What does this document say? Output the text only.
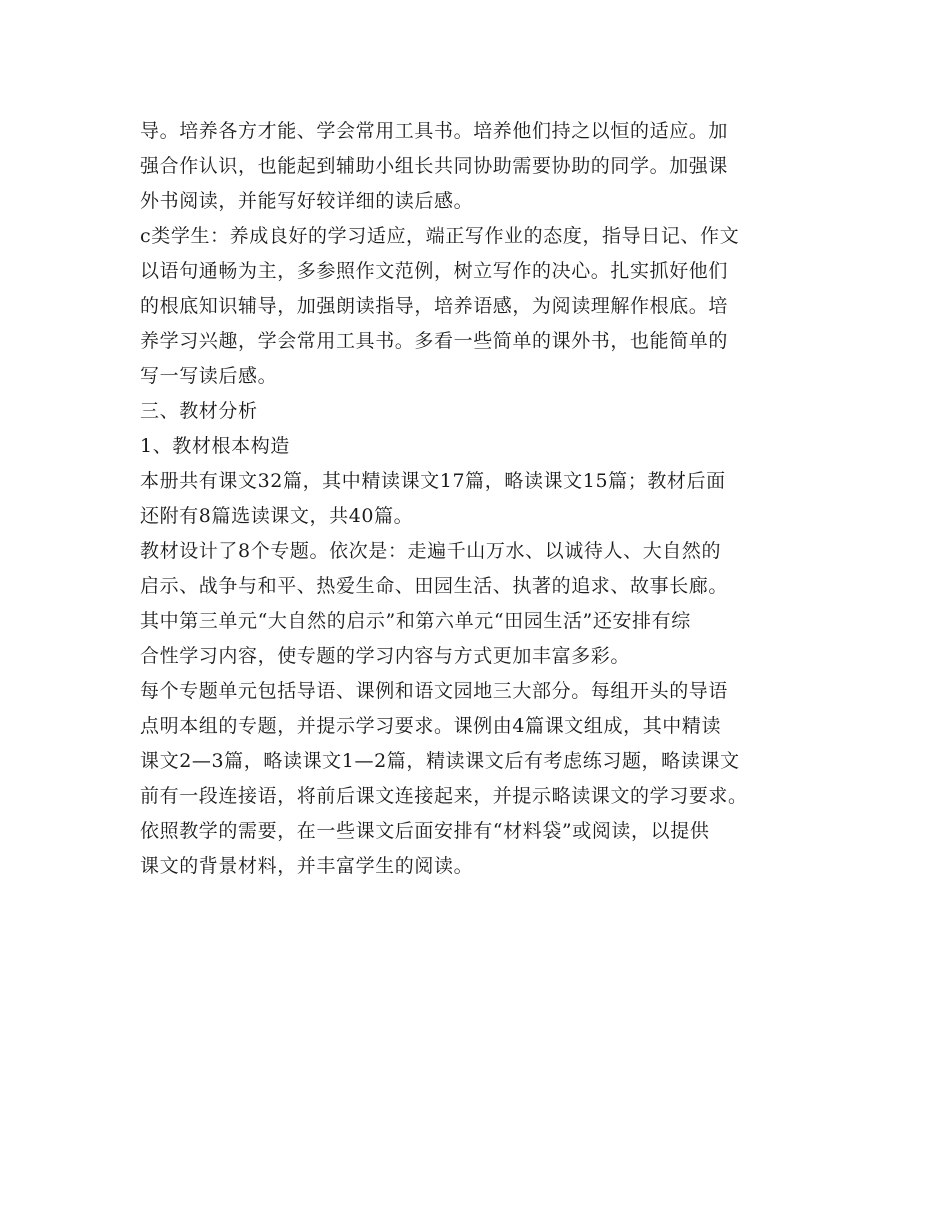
导。培养各方才能、学会常用工具书。培养他们持之以恒的适应。加
强合作认识，也能起到辅助小组长共同协助需要协助的同学。加强课
外书阅读，并能写好较详细的读后感。
c类学生：养成良好的学习适应，端正写作业的态度，指导日记、作文
以语句通畅为主，多参照作文范例，树立写作的决心。扎实抓好他们
的根底知识辅导，加强朗读指导，培养语感，为阅读理解作根底。培
养学习兴趣，学会常用工具书。多看一些简单的课外书，也能简单的
写一写读后感。
三、教材分析
1、教材根本构造
本册共有课文32篇，其中精读课文17篇，略读课文15篇；教材后面
还附有8篇选读课文，共40篇。
教材设计了8个专题。依次是：走遍千山万水、以诚待人、大自然的
启示、战争与和平、热爱生命、田园生活、执著的追求、故事长廊。
其中第三单元“大自然的启示”和第六单元“田园生活”还安排有综
合性学习内容，使专题的学习内容与方式更加丰富多彩。
每个专题单元包括导语、课例和语文园地三大部分。每组开头的导语
点明本组的专题，并提示学习要求。课例由4篇课文组成，其中精读
课文2—3篇，略读课文1—2篇，精读课文后有考虑练习题，略读课文
前有一段连接语，将前后课文连接起来，并提示略读课文的学习要求。
依照教学的需要，在一些课文后面安排有“材料袋”或阅读，以提供
课文的背景材料，并丰富学生的阅读。
